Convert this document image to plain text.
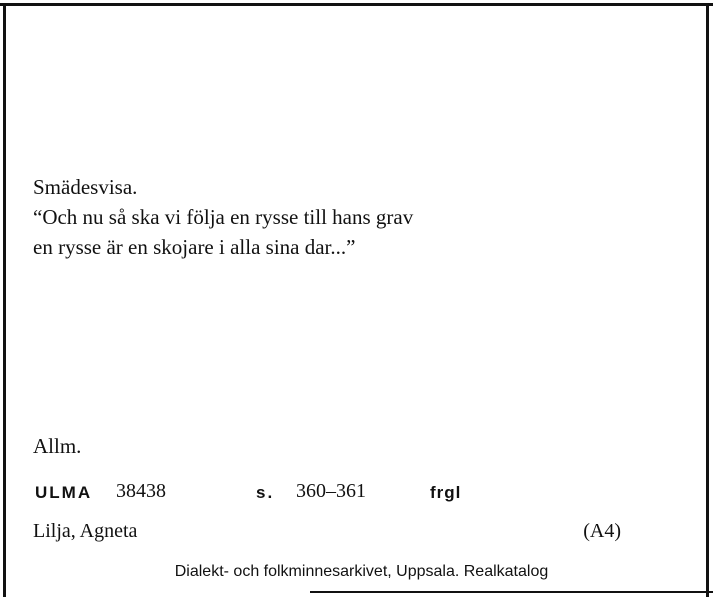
Smädesvisa.
“Och nu så ska vi följa en rysse till hans grav
en rysse är en skojare i alla sina dar...”
Allm.
ULMA 38438	s. 360–361	frgl
Lilja, Agneta	(A4)
Dialekt- och folkminnesarkivet, Uppsala. Realkatalog
